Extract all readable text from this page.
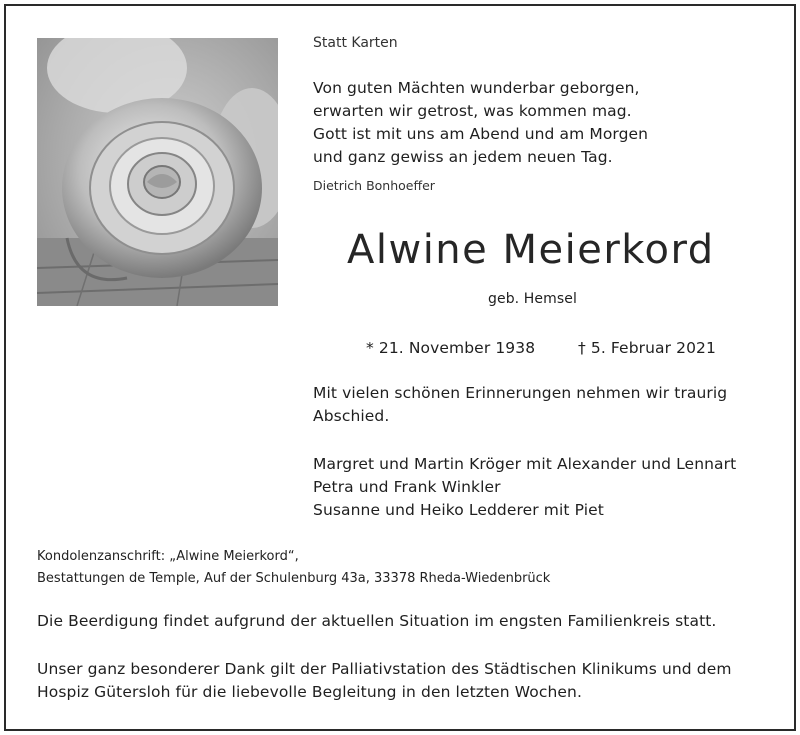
Statt Karten

Von guten Mächten wunderbar geborgen,
erwarten wir getrost, was kommen mag.
Gott ist mit uns am Abend und am Morgen
und ganz gewiss an jedem neuen Tag.

Dietrich Bonhoeffer

Alwine Meierkord

geb. Hemsel

* 21. November 1938	† 5. Februar 2021

Mit vielen schönen Erinnerungen nehmen wir traurig
Abschied.
Margret und Martin Kröger mit Alexander und Lennart
Petra und Frank Winkler
Susanne und Heiko Ledderer mit Piet
Kondolenzanschrift: „Alwine Meierkord“,
Bestattungen de Temple, Auf der Schulenburg 43a, 33378 Rheda-Wiedenbrück

Die Beerdigung findet aufgrund der aktuellen Situation im engsten Familienkreis statt.

Unser ganz besonderer Dank gilt der Palliativstation des Städtischen Klinikums und dem
Hospiz Gütersloh für die liebevolle Begleitung in den letzten Wochen.
